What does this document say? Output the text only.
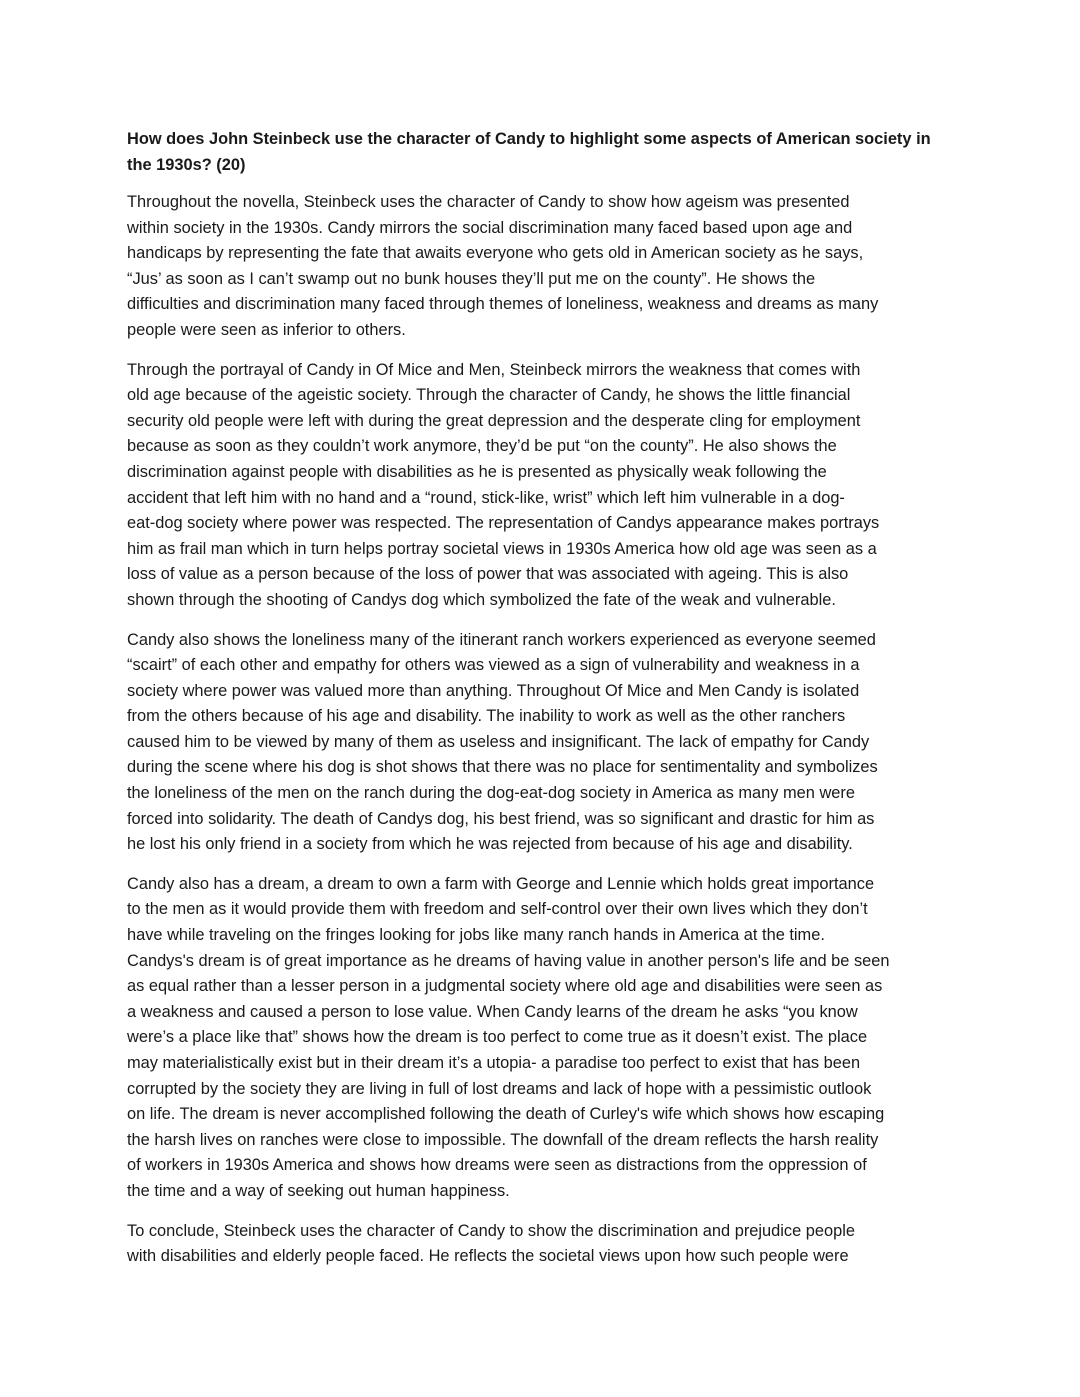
How does John Steinbeck use the character of Candy to highlight some aspects of American society in
the 1930s? (20)
Throughout the novella, Steinbeck uses the character of Candy to show how ageism was presented
within society in the 1930s. Candy mirrors the social discrimination many faced based upon age and
handicaps by representing the fate that awaits everyone who gets old in American society as he says,
“Jus’ as soon as I can’t swamp out no bunk houses they’ll put me on the county”. He shows the
difficulties and discrimination many faced through themes of loneliness, weakness and dreams as many
people were seen as inferior to others.
Through the portrayal of Candy in Of Mice and Men, Steinbeck mirrors the weakness that comes with
old age because of the ageistic society. Through the character of Candy, he shows the little financial
security old people were left with during the great depression and the desperate cling for employment
because as soon as they couldn’t work anymore, they’d be put “on the county”. He also shows the
discrimination against people with disabilities as he is presented as physically weak following the
accident that left him with no hand and a “round, stick-like, wrist” which left him vulnerable in a dog-
eat-dog society where power was respected. The representation of Candys appearance makes portrays
him as frail man which in turn helps portray societal views in 1930s America how old age was seen as a
loss of value as a person because of the loss of power that was associated with ageing. This is also
shown through the shooting of Candys dog which symbolized the fate of the weak and vulnerable.
Candy also shows the loneliness many of the itinerant ranch workers experienced as everyone seemed
“scairt” of each other and empathy for others was viewed as a sign of vulnerability and weakness in a
society where power was valued more than anything. Throughout Of Mice and Men Candy is isolated
from the others because of his age and disability. The inability to work as well as the other ranchers
caused him to be viewed by many of them as useless and insignificant. The lack of empathy for Candy
during the scene where his dog is shot shows that there was no place for sentimentality and symbolizes
the loneliness of the men on the ranch during the dog-eat-dog society in America as many men were
forced into solidarity. The death of Candys dog, his best friend, was so significant and drastic for him as
he lost his only friend in a society from which he was rejected from because of his age and disability.
Candy also has a dream, a dream to own a farm with George and Lennie which holds great importance
to the men as it would provide them with freedom and self-control over their own lives which they don’t
have while traveling on the fringes looking for jobs like many ranch hands in America at the time.
Candys's dream is of great importance as he dreams of having value in another person's life and be seen
as equal rather than a lesser person in a judgmental society where old age and disabilities were seen as
a weakness and caused a person to lose value. When Candy learns of the dream he asks “you know
were’s a place like that” shows how the dream is too perfect to come true as it doesn’t exist. The place
may materialistically exist but in their dream it’s a utopia- a paradise too perfect to exist that has been
corrupted by the society they are living in full of lost dreams and lack of hope with a pessimistic outlook
on life. The dream is never accomplished following the death of Curley's wife which shows how escaping
the harsh lives on ranches were close to impossible. The downfall of the dream reflects the harsh reality
of workers in 1930s America and shows how dreams were seen as distractions from the oppression of
the time and a way of seeking out human happiness.
To conclude, Steinbeck uses the character of Candy to show the discrimination and prejudice people
with disabilities and elderly people faced. He reflects the societal views upon how such people were
